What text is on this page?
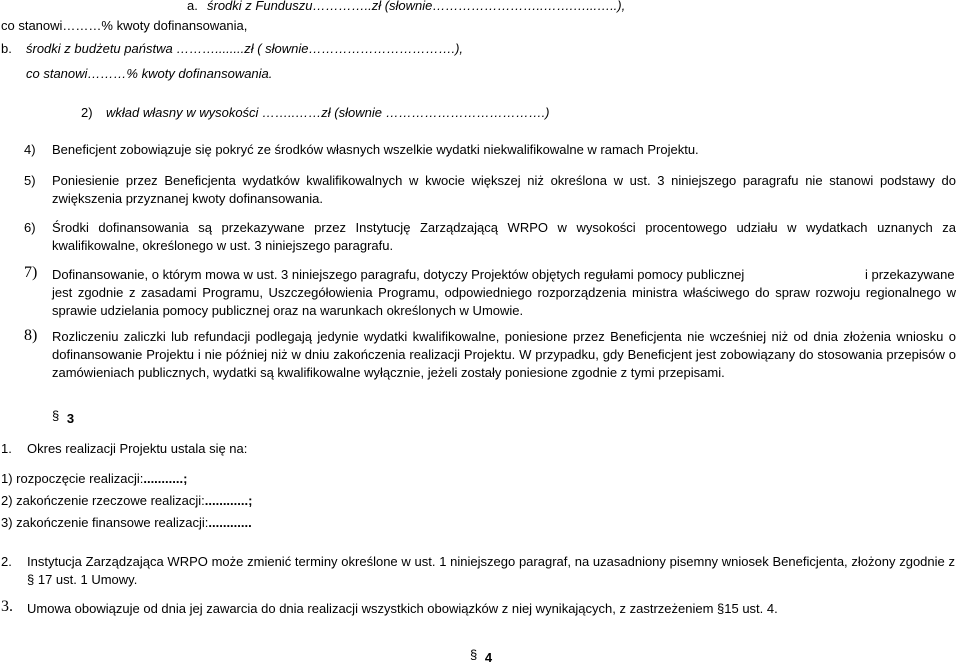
a. środki z Funduszu…………..zł (słownie……………………..…….…...…..),
co stanowi………% kwoty dofinansowania,
b. środki z budżetu państwa ………........zł ( słownie…………………………….),
co stanowi………% kwoty dofinansowania.
2) wkład własny w wysokości ……..……zł (słownie ……………………………….)
4) Beneficjent zobowiązuje się pokryć ze środków własnych wszelkie wydatki niekwalifikowalne w ramach Projektu.
5) Poniesienie przez Beneficjenta wydatków kwalifikowalnych w kwocie większej niż określona w ust. 3 niniejszego paragrafu nie stanowi podstawy do zwiększenia przyznanej kwoty dofinansowania.
6) Środki dofinansowania są przekazywane przez Instytucję Zarządzającą WRPO w wysokości procentowego udziału w wydatkach uznanych za kwalifikowalne, określonego w ust. 3 niniejszego paragrafu.
7) Dofinansowanie, o którym mowa w ust. 3 niniejszego paragrafu, dotyczy Projektów objętych regułami pomocy publicznej	i przekazywane
jest zgodnie z zasadami Programu, Uszczegółowienia Programu, odpowiedniego rozporządzenia ministra właściwego do spraw rozwoju regionalnego w sprawie udzielania pomocy publicznej oraz na warunkach określonych w Umowie.
8) Rozliczeniu zaliczki lub refundacji podlegają jedynie wydatki kwalifikowalne, poniesione przez Beneficjenta nie wcześniej niż od dnia złożenia wniosku o dofinansowanie Projektu i nie później niż w dniu zakończenia realizacji Projektu. W przypadku, gdy Beneficjent jest zobowiązany do stosowania przepisów o zamówieniach publicznych, wydatki są kwalifikowalne wyłącznie, jeżeli zostały poniesione zgodnie z tymi przepisami.
§ 3
1. Okres realizacji Projektu ustala się na:
1) rozpoczęcie realizacji:...........;
2) zakończenie rzeczowe realizacji:............;
3) zakończenie finansowe realizacji:............
2. Instytucja Zarządzająca WRPO może zmienić terminy określone w ust. 1 niniejszego paragraf, na uzasadniony pisemny wniosek Beneficjenta, złożony zgodnie z § 17 ust. 1 Umowy.
3. Umowa obowiązuje od dnia jej zawarcia do dnia realizacji wszystkich obowiązków z niej wynikających, z zastrzeżeniem §15 ust. 4.
§ 4
